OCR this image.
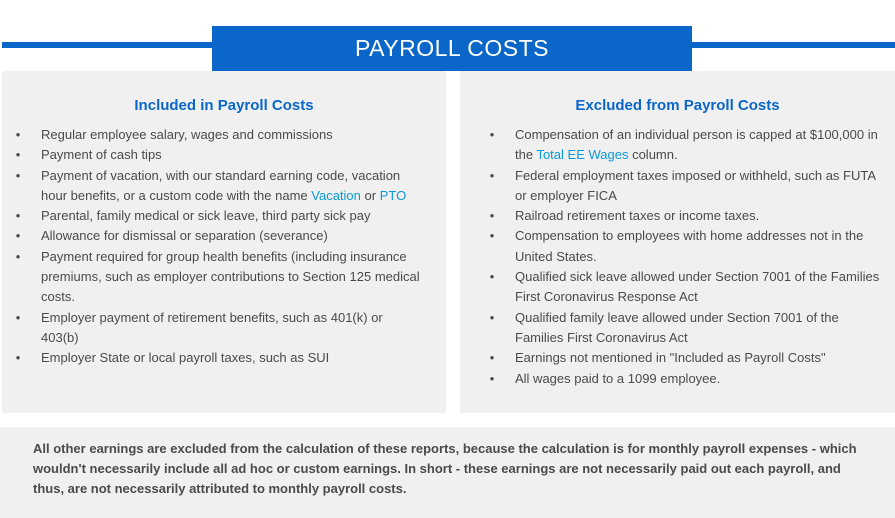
PAYROLL COSTS
Included in Payroll Costs
• Regular employee salary, wages and commissions
• Payment of cash tips
• Payment of vacation, with our standard earning code, vacation hour benefits, or a custom code with the name Vacation or PTO
• Parental, family medical or sick leave, third party sick pay
• Allowance for dismissal or separation (severance)
• Payment required for group health benefits (including insurance premiums, such as employer contributions to Section 125 medical costs.
• Employer payment of retirement benefits, such as 401(k) or 403(b)
• Employer State or local payroll taxes, such as SUI
Excluded from Payroll Costs
• Compensation of an individual person is capped at $100,000 in the Total EE Wages column.
• Federal employment taxes imposed or withheld, such as FUTA or employer FICA
• Railroad retirement taxes or income taxes.
• Compensation to employees with home addresses not in the United States.
• Qualified sick leave allowed under Section 7001 of the Families First Coronavirus Response Act
• Qualified family leave allowed under Section 7001 of the Families First Coronavirus Act
• Earnings not mentioned in "Included as Payroll Costs"
• All wages paid to a 1099 employee.

All other earnings are excluded from the calculation of these reports, because the calculation is for monthly payroll expenses - which wouldn't necessarily include all ad hoc or custom earnings. In short - these earnings are not necessarily paid out each payroll, and thus, are not necessarily attributed to monthly payroll costs.
